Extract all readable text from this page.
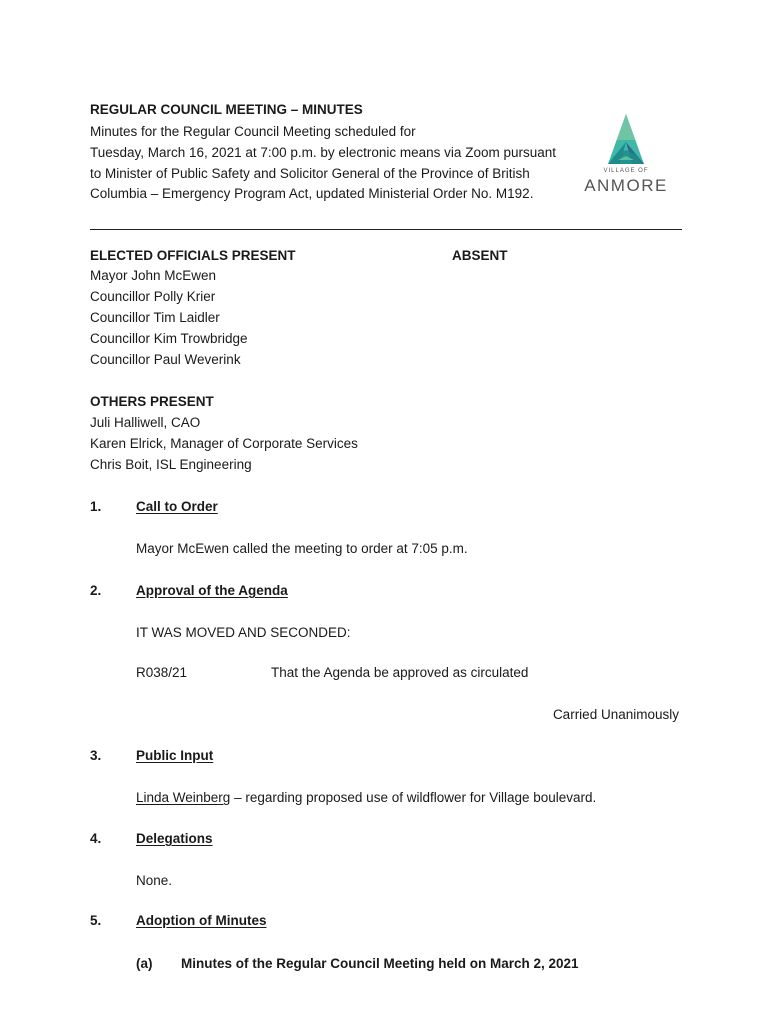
REGULAR COUNCIL MEETING – MINUTES
Minutes for the Regular Council Meeting scheduled for
Tuesday, March 16, 2021 at 7:00 p.m. by electronic means via Zoom pursuant
to Minister of Public Safety and Solicitor General of the Province of British
Columbia – Emergency Program Act, updated Ministerial Order No. M192.
VILLAGE OF
ANMORE
ELECTED OFFICIALS PRESENT	ABSENT
Mayor John McEwen
Councillor Polly Krier
Councillor Tim Laidler
Councillor Kim Trowbridge
Councillor Paul Weverink
OTHERS PRESENT
Juli Halliwell, CAO
Karen Elrick, Manager of Corporate Services
Chris Boit, ISL Engineering
1.	Call to Order
Mayor McEwen called the meeting to order at 7:05 p.m.
2.	Approval of the Agenda
IT WAS MOVED AND SECONDED:
R038/21	That the Agenda be approved as circulated
Carried Unanimously
3.	Public Input
Linda Weinberg – regarding proposed use of wildflower for Village boulevard.
4.	Delegations
None.
5.	Adoption of Minutes
(a) Minutes of the Regular Council Meeting held on March 2, 2021
